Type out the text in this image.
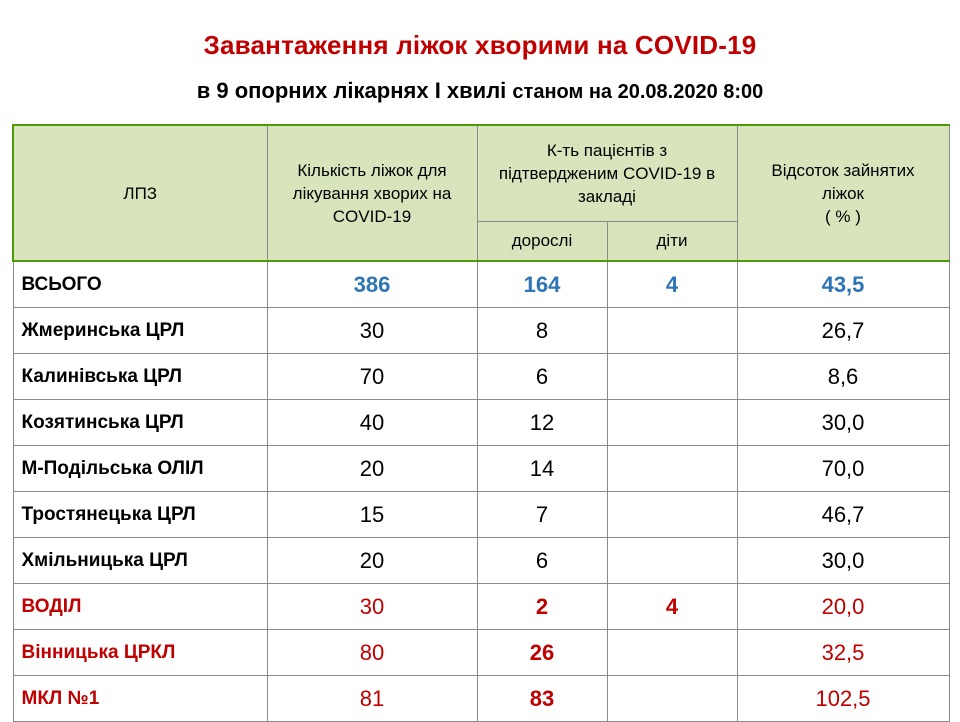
Завантаження ліжок хворими на COVID-19
в 9 опорних лікарнях І хвилі станом на 20.08.2020 8:00
ЛПЗ	Кількість ліжок для лікування хворих на COVID-19	К-ть пацієнтів з підтвердженим COVID-19 в закладі		Відсоток зайнятих ліжок
( % )

		дорослі	діти	
ВСЬОГО	386	164	4	43,5
Жмеринська ЦРЛ	30	8		26,7
Калинівська ЦРЛ	70	6		8,6
Козятинська ЦРЛ	40	12		30,0
М-Подільська ОЛІЛ	20	14		70,0
Тростянецька ЦРЛ	15	7		46,7
Хмільницька ЦРЛ	20	6		30,0
ВОДІЛ	30	2	4	20,0
Вінницька ЦРКЛ	80	26		32,5
МКЛ №1	81	83		102,5
